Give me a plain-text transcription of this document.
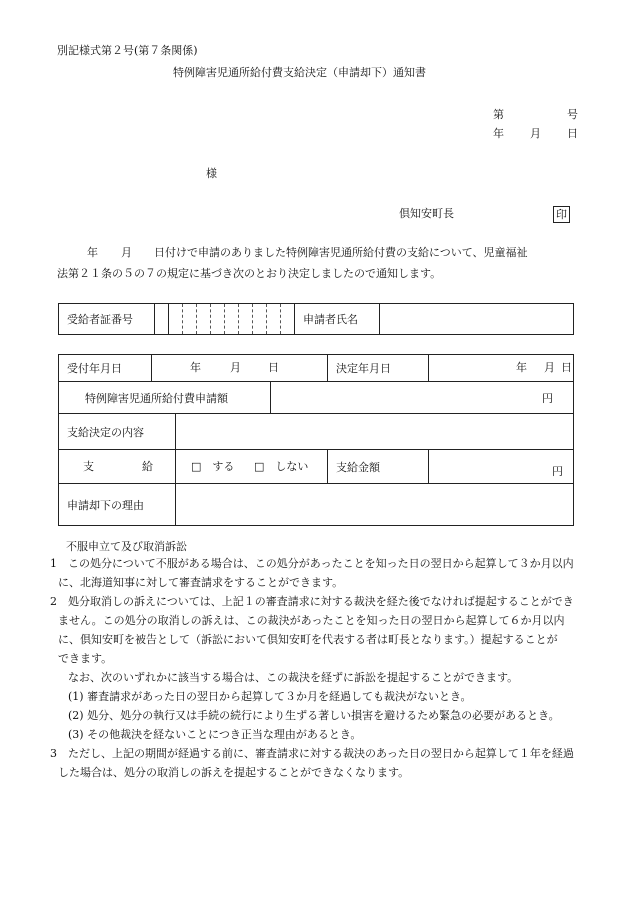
別記様式第２号(第７条関係)
特例障害児通所給付費支給決定（申請却下）通知書
第	号
年 月 日
様
倶知安町長	印
年 月 日付けで申請のありました特例障害児通所給付費の支給について、児童福祉
法第２１条の５の７の規定に基づき次のとおり決定しましたので通知します。
受給者証番号											申請者氏名	
受付年月日	年 月 日			決定年月日	年 月 日

特例障害児通所給付費申請額			円		
支給決定の内容					

支 給		□　する □　しない		支給金額	円
申請却下の理由					
不服申立て及び取消訴訟
1	この処分について不服がある場合は、この処分があったことを知った日の翌日から起算して３か月以内
に、北海道知事に対して審査請求をすることができます。
2	処分取消しの訴えについては、上記１の審査請求に対する裁決を経た後でなければ提起することができ
ません。この処分の取消しの訴えは、この裁決があったことを知った日の翌日から起算して６か月以内
に、倶知安町を被告として（訴訟において倶知安町を代表する者は町長となります。）提起することが
できます。
なお、次のいずれかに該当する場合は、この裁決を経ずに訴訟を提起することができます。
(1) 審査請求があった日の翌日から起算して３か月を経過しても裁決がないとき。
(2) 処分、処分の執行又は手続の続行により生ずる著しい損害を避けるため緊急の必要があるとき。
(3) その他裁決を経ないことにつき正当な理由があるとき。
3	ただし、上記の期間が経過する前に、審査請求に対する裁決のあった日の翌日から起算して１年を経過
した場合は、処分の取消しの訴えを提起することができなくなります。
